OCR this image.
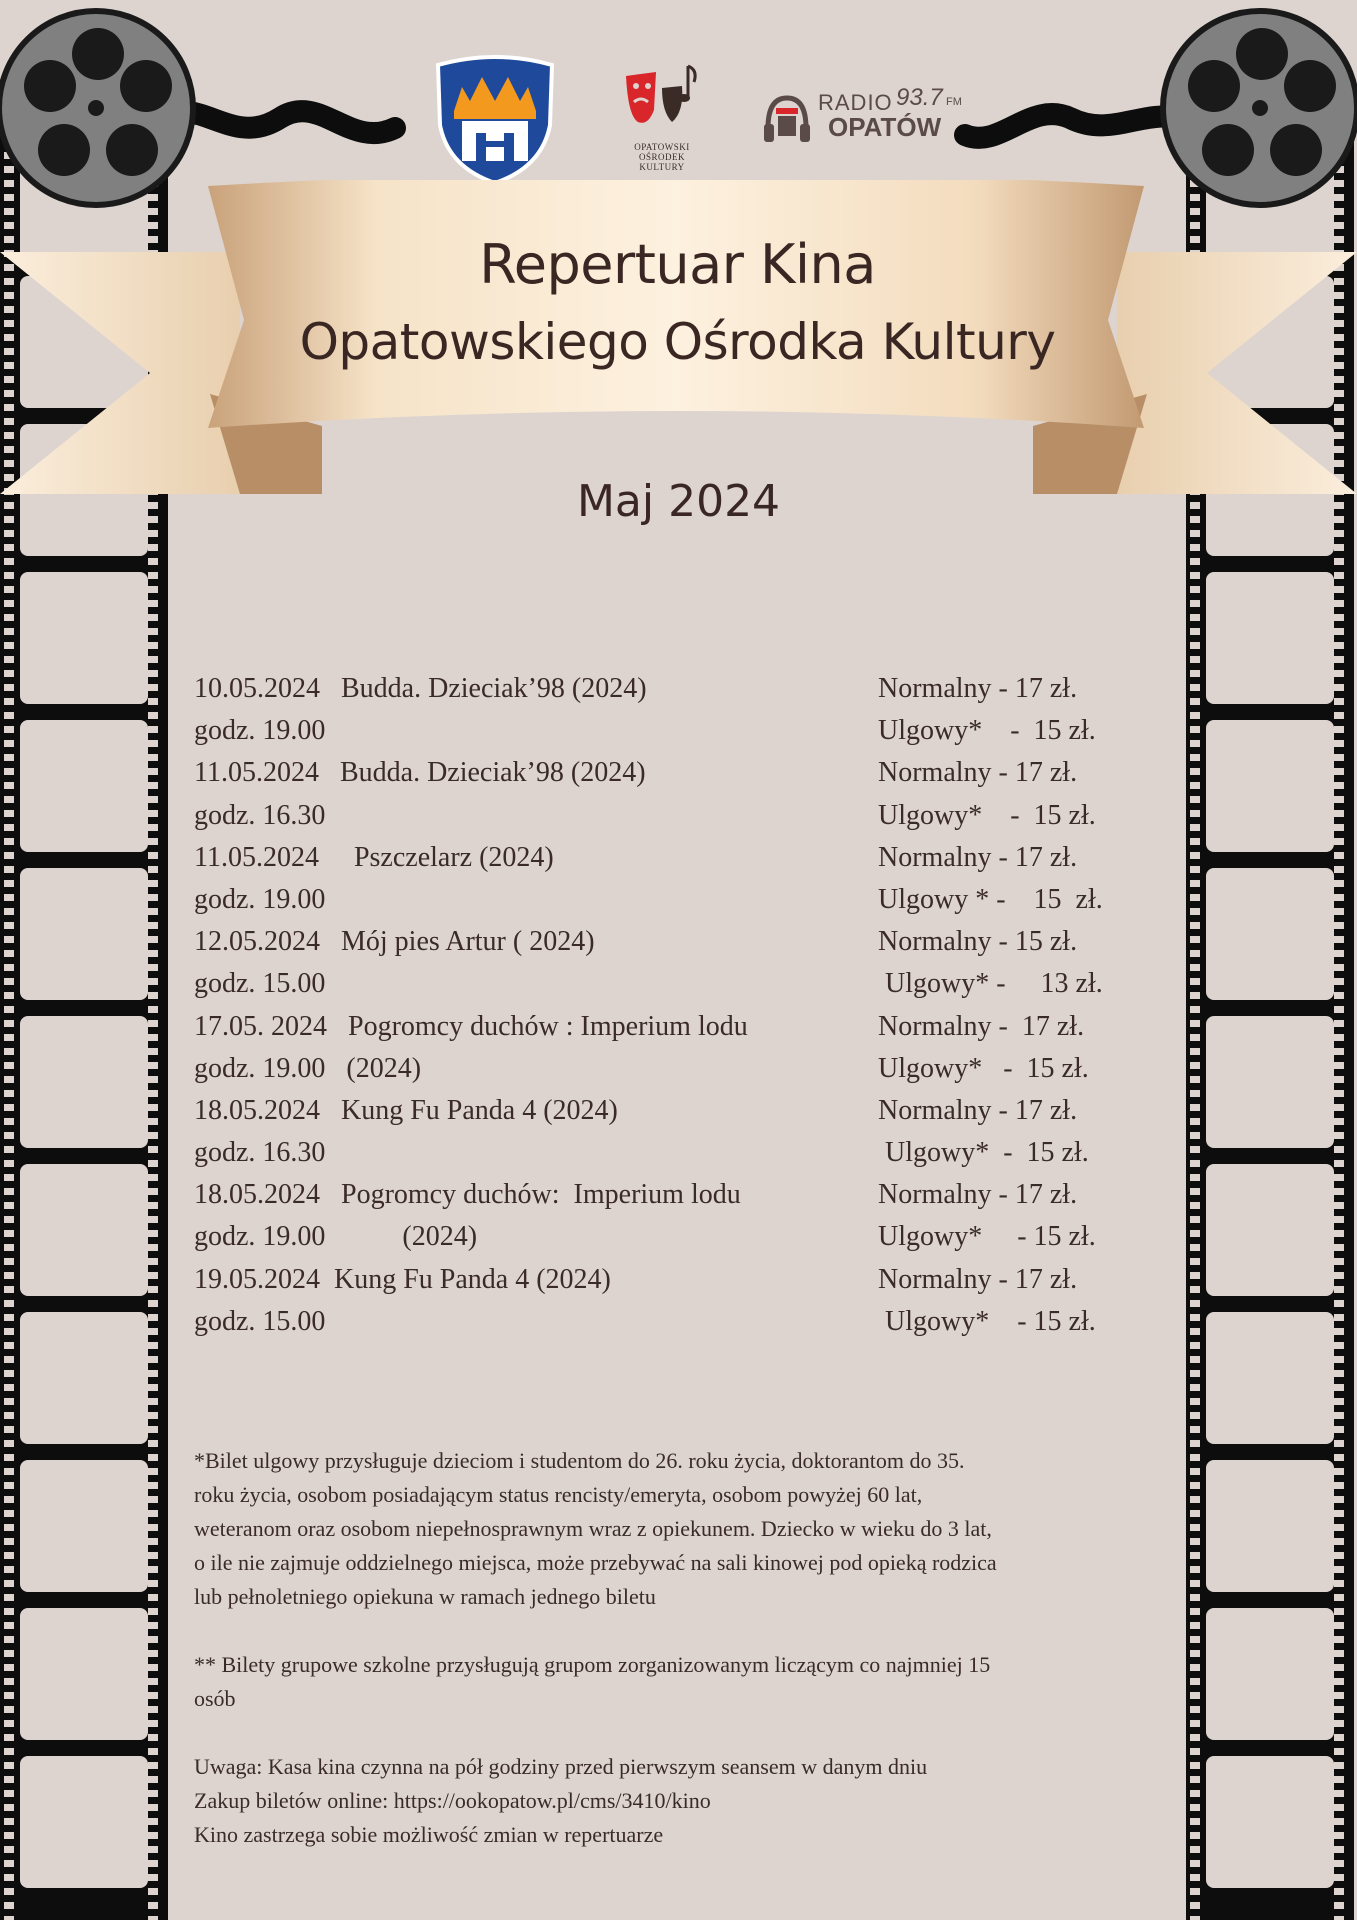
OPATOWSKI
OŚRODEK
KULTURY
RADIO 93.7 FM
OPATÓW
Repertuar Kina
Opatowskiego Ośrodka Kultury
Maj 2024
10.05.2024   Budda. Dzieciak’98 (2024)	Normalny - 17 zł.
godz. 19.00	Ulgowy*    -  15 zł.
11.05.2024   Budda. Dzieciak’98 (2024)	Normalny - 17 zł.
godz. 16.30	Ulgowy*    -  15 zł.
11.05.2024     Pszczelarz (2024)	Normalny - 17 zł.
godz. 19.00	Ulgowy * -    15  zł.
12.05.2024   Mój pies Artur ( 2024)	Normalny - 15 zł.
godz. 15.00	Ulgowy* -     13 zł.
17.05. 2024   Pogromcy duchów : Imperium lodu	Normalny -  17 zł.
godz. 19.00   (2024)	Ulgowy*   -  15 zł.
18.05.2024   Kung Fu Panda 4 (2024)	Normalny - 17 zł.
godz. 16.30	Ulgowy*  -  15 zł.
18.05.2024   Pogromcy duchów:  Imperium lodu	Normalny - 17 zł.
godz. 19.00           (2024)	Ulgowy*     - 15 zł.
19.05.2024  Kung Fu Panda 4 (2024)	Normalny - 17 zł.
godz. 15.00	Ulgowy*    - 15 zł.

*Bilet ulgowy przysługuje dzieciom i studentom do 26. roku życia, doktorantom do 35.

roku życia, osobom posiadającym status rencisty/emeryta, osobom powyżej 60 lat,

weteranom oraz osobom niepełnosprawnym wraz z opiekunem. Dziecko w wieku do 3 lat,

o ile nie zajmuje oddzielnego miejsca, może przebywać na sali kinowej pod opieką rodzica

lub pełnoletniego opiekuna w ramach jednego biletu

** Bilety grupowe szkolne przysługują grupom zorganizowanym liczącym co najmniej 15

osób

Uwaga: Kasa kina czynna na pół godziny przed pierwszym seansem w danym dniu

Zakup biletów online: https://ookopatow.pl/cms/3410/kino

Kino zastrzega sobie możliwość zmian w repertuarze
